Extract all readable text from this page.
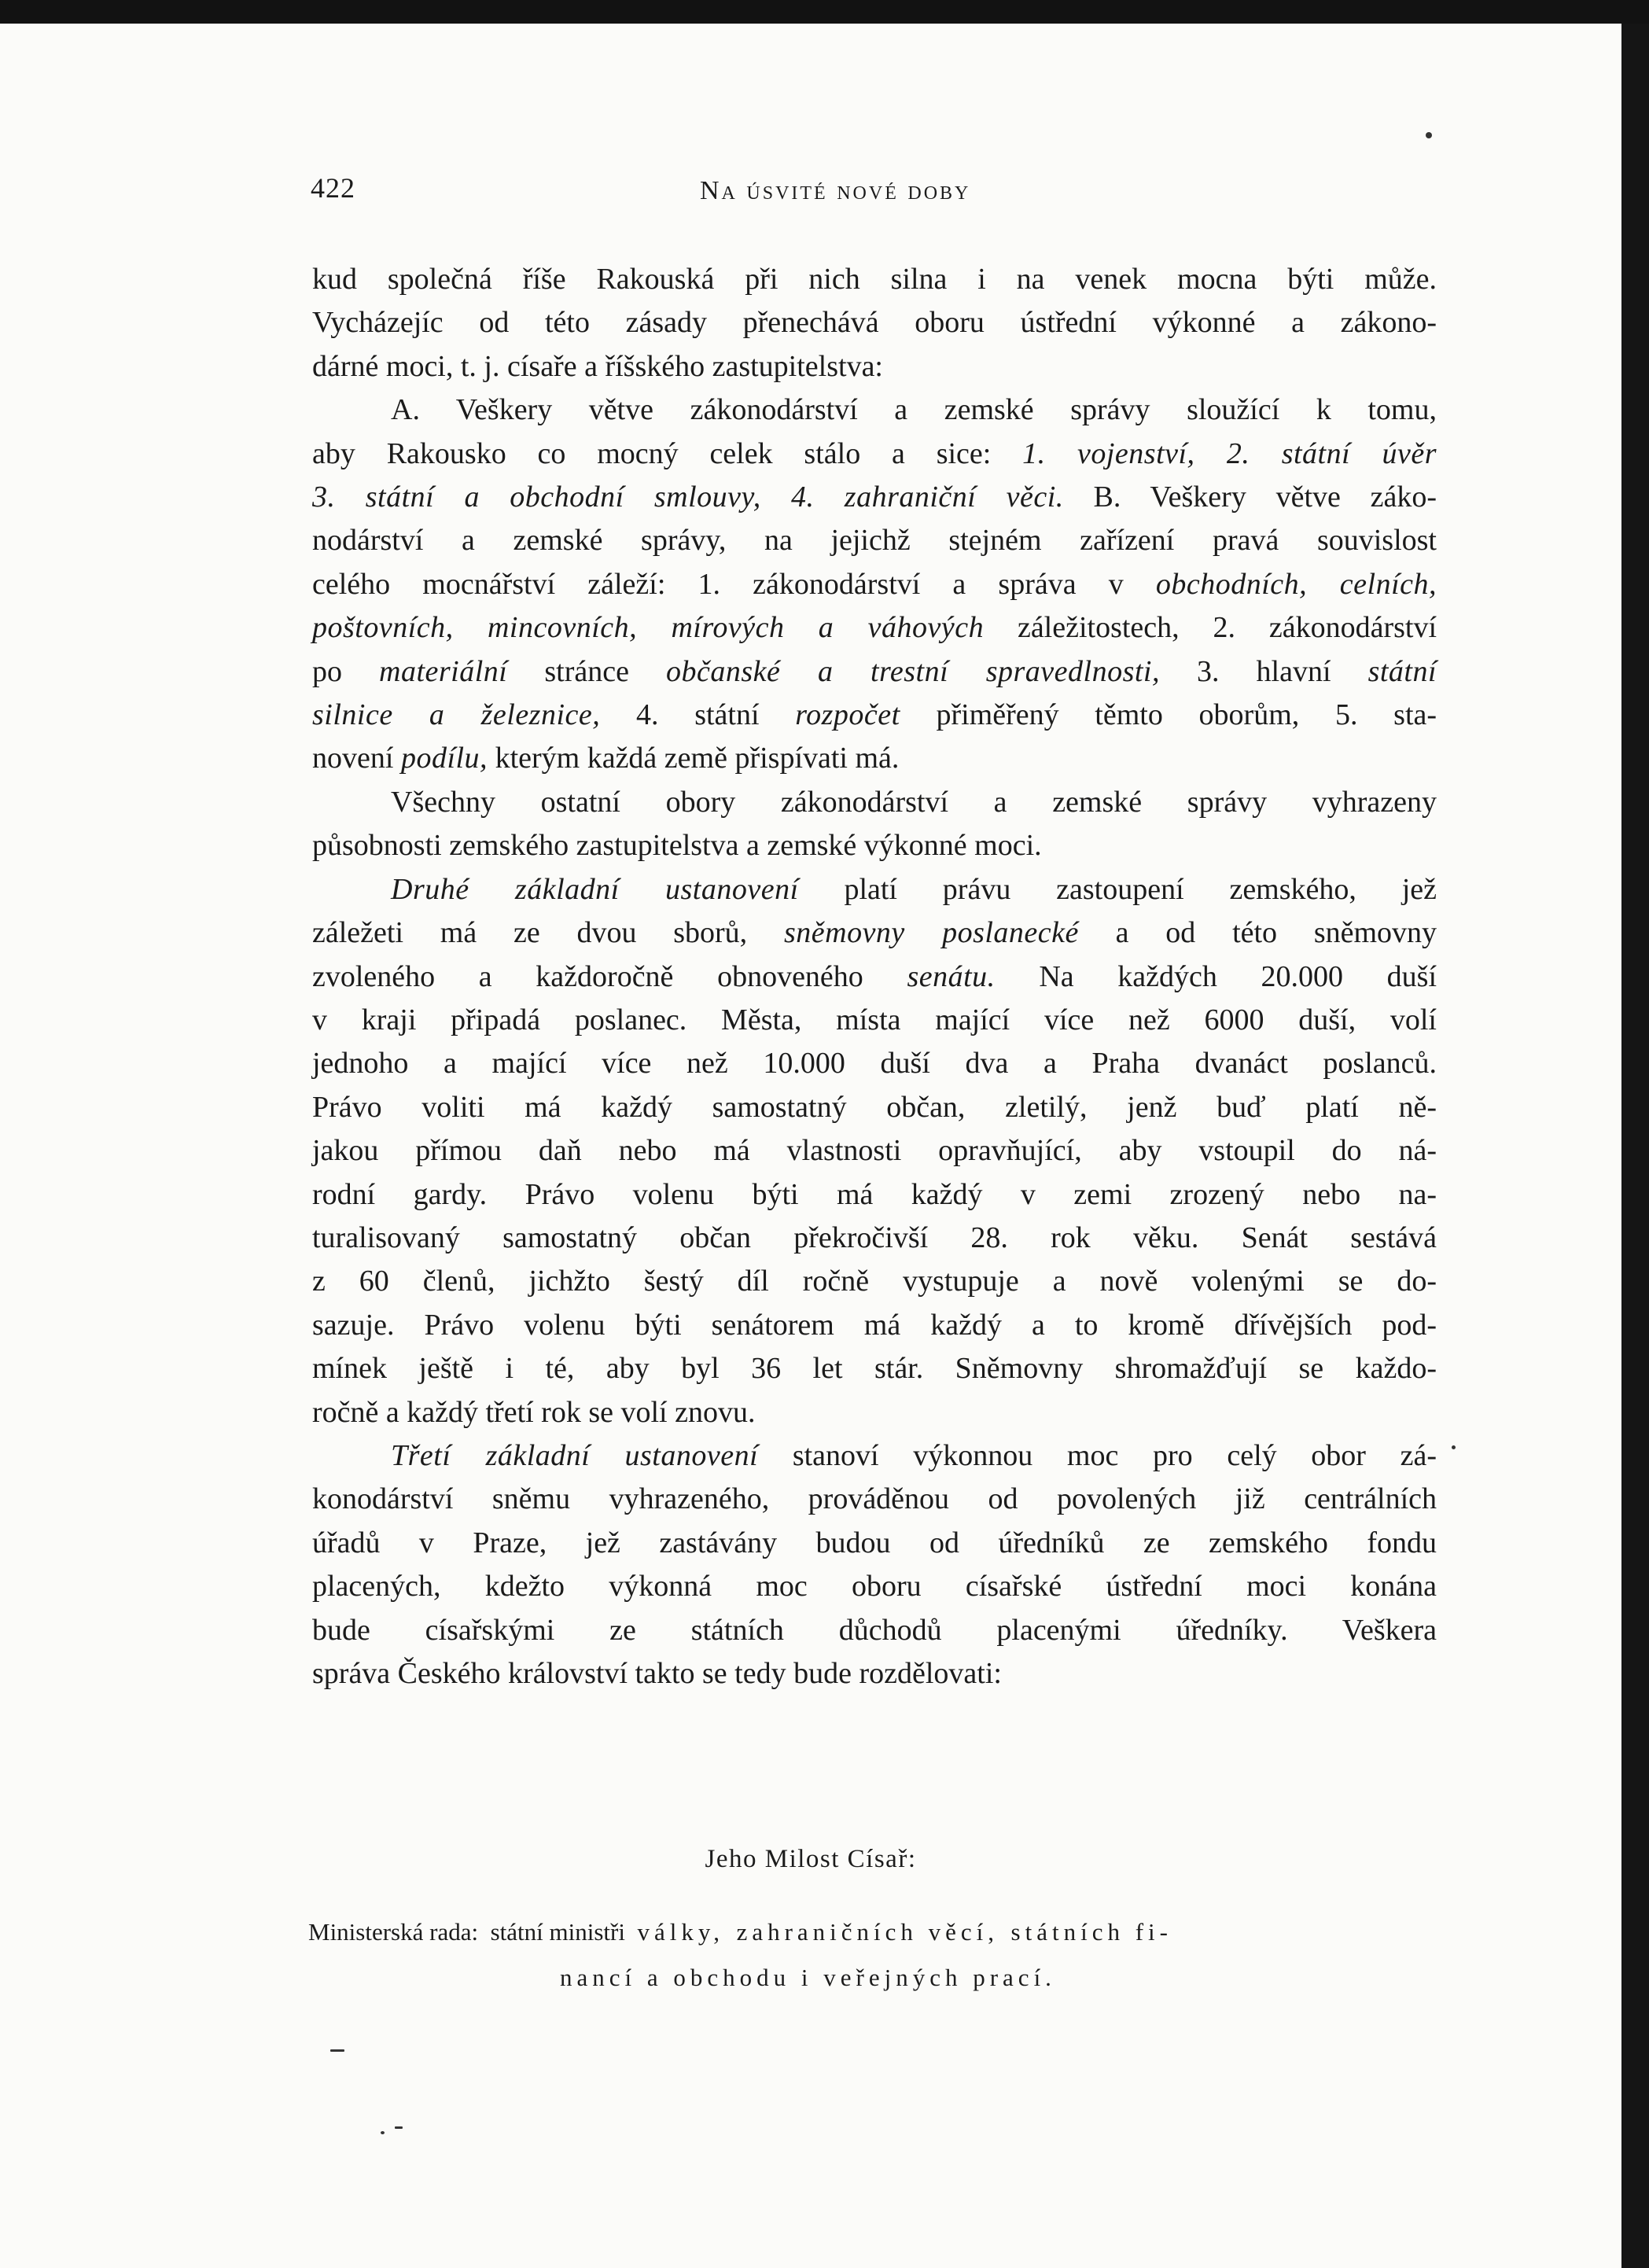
422	Na úsvité nové doby
kud společná říše Rakouská při nich silna i na venek mocna býti může.
Vycházejíc od této zásady přenechává oboru ústřední výkonné a zákono-
dárné moci, t. j. císaře a říšského zastupitelstva:
A. Veškery větve zákonodárství a zemské správy sloužící k tomu,
aby Rakousko co mocný celek stálo a sice: 1. vojenství, 2. státní úvěr
3. státní a obchodní smlouvy, 4. zahraniční věci. B. Veškery větve záko-
nodárství a zemské správy, na jejichž stejném zařízení pravá souvislost
celého mocnářství záleží: 1. zákonodárství a správa v obchodních, celních,
poštovních, mincovních, mírových a váhových záležitostech, 2. zákonodárství
po materiální stránce občanské a trestní spravedlnosti, 3. hlavní státní
silnice a železnice, 4. státní rozpočet přiměřený těmto oborům, 5. sta-
novení podílu, kterým každá země přispívati má.
Všechny ostatní obory zákonodárství a zemské správy vyhrazeny
působnosti zemského zastupitelstva a zemské výkonné moci.
Druhé základní ustanovení platí právu zastoupení zemského, jež
záležeti má ze dvou sborů, sněmovny poslanecké a od této sněmovny
zvoleného a každoročně obnoveného senátu. Na každých 20.000 duší
v kraji připadá poslanec. Města, místa mající více než 6000 duší, volí
jednoho a mající více než 10.000 duší dva a Praha dvanáct poslanců.
Právo voliti má každý samostatný občan, zletilý, jenž buď platí ně-
jakou přímou daň nebo má vlastnosti opravňující, aby vstoupil do ná-
rodní gardy. Právo volenu býti má každý v zemi zrozený nebo na-
turalisovaný samostatný občan překročivší 28. rok věku. Senát sestává
z 60 členů, jichžto šestý díl ročně vystupuje a nově volenými se do-
sazuje. Právo volenu býti senátorem má každý a to kromě dřívějších pod-
mínek ještě i té, aby byl 36 let stár. Sněmovny shromažďují se každo-
ročně a každý třetí rok se volí znovu.
Třetí základní ustanovení stanoví výkonnou moc pro celý obor zá-
konodárství sněmu vyhrazeného, prováděnou od povolených již centrálních
úřadů v Praze, jež zastávány budou od úředníků ze zemského fondu
placených, kdežto výkonná moc oboru císařské ústřední moci konána
bude císařskými ze státních důchodů placenými úředníky. Veškera
správa Českého království takto se tedy bude rozdělovati:
Jeho Milost Císař:
Ministerská rada: státní ministři války, zahraničních věcí, státních fi-
nancí a obchodu i veřejných prací.
